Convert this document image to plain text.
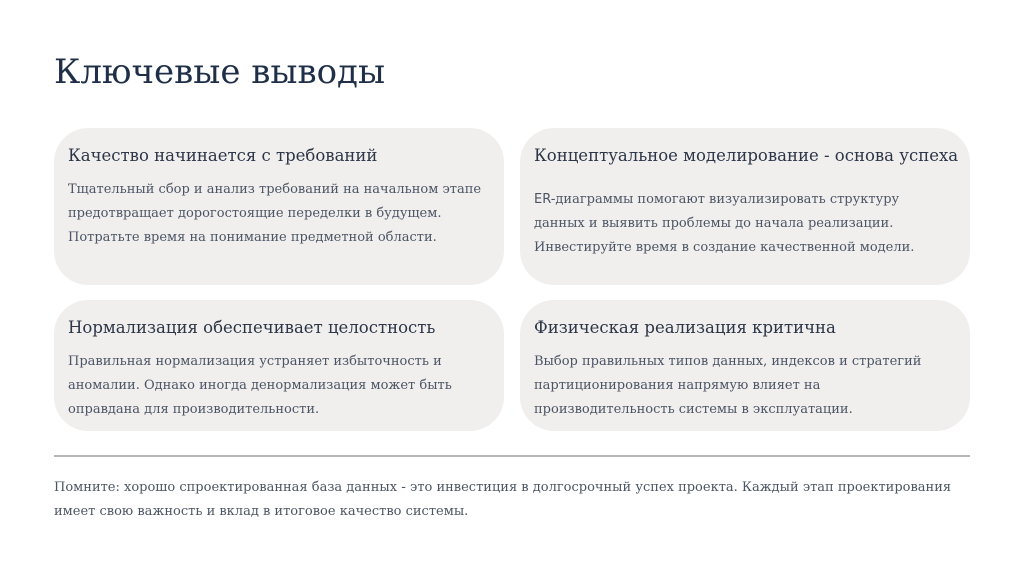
Ключевые выводы
Качество начинается с требований

Тщательный сбор и анализ требований на начальном этапе предотвращает дорогостоящие переделки в будущем. Потратьте время на понимание предметной области.

Концептуальное моделирование - основа успеха

ER-диаграммы помогают визуализировать структуру данных и выявить проблемы до начала реализации. Инвестируйте время в создание качественной модели.

Нормализация обеспечивает целостность

Правильная нормализация устраняет избыточность и аномалии. Однако иногда денормализация может быть оправдана для производительности.

Физическая реализация критична

Выбор правильных типов данных, индексов и стратегий партиционирования напрямую влияет на производительность системы в эксплуатации.

Помните: хорошо спроектированная база данных - это инвестиция в долгосрочный успех проекта. Каждый этап проектирования имеет свою важность и вклад в итоговое качество системы.
